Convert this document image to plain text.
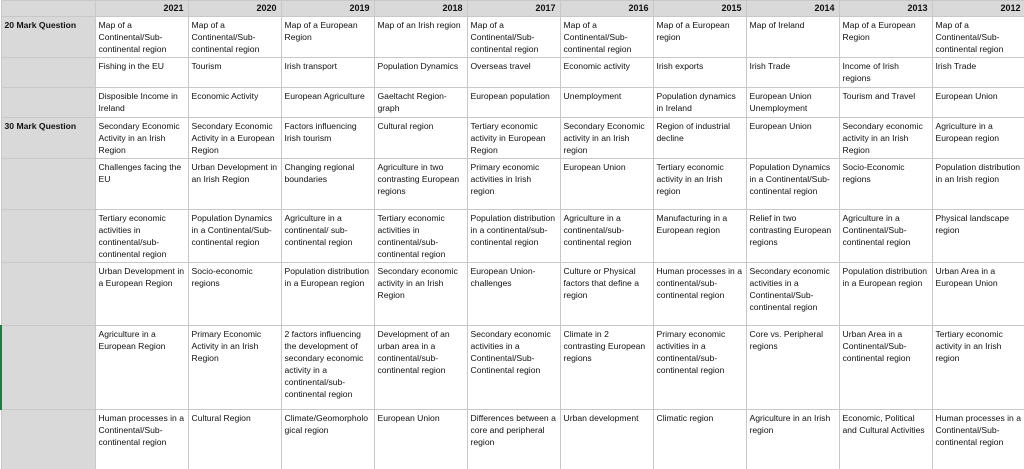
	2021	2020	2019	2018	2017	2016	2015	2014	2013	2012
20 Mark Question	Map of a Continental/Sub-continental region	Map of a Continental/Sub-continental region	Map of a European Region	Map of an Irish region	Map of a Continental/Sub-continental region	Map of a Continental/Sub-continental region	Map of a European region	Map of Ireland	Map of a European Region	Map of a Continental/Sub-continental region
	Fishing in the EU	Tourism	Irish transport	Population Dynamics	Overseas travel	Economic activity	Irish exports	Irish Trade	Income of Irish regions	Irish Trade
	Disposible Income in Ireland	Economic Activity	European Agriculture	Gaeltacht Region-graph	European population	Unemployment	Population dynamics in Ireland	European Union Unemployment	Tourism and Travel	European Union
30 Mark Question	Secondary Economic Activity in an Irish Region	Secondary Economic Activity in a European Region	Factors influencing Irish tourism	Cultural region	Tertiary economic activity in European Region	Secondary Economic activity in an Irish region	Region of industrial decline	European Union	Secondary economic activity in an Irish Region	Agriculture in a European region
	Challenges facing the EU	Urban Development in an Irish Region	Changing regional boundaries	Agriculture in two contrasting European regions	Primary economic activities in Irish region	European Union	Tertiary economic activity in an Irish region	Population Dynamics in a Continental/Sub-continental region	Socio-Economic regions	Population distribution in an Irish region
	Tertiary economic activities in continental/sub-continental region	Population Dynamics in a Continental/Sub-continental region	Agriculture in a continental/ sub-continental region	Tertiary economic activities in continental/sub-continental region	Population distribution in a continental/sub-continental region	Agriculture in a continental/sub-continental region	Manufacturing in a European region	Relief in two contrasting European regions	Agriculture in a Continental/Sub-continental region	Physical landscape region
	Urban Development in a European Region	Socio-economic regions	Population distribution in a European region	Secondary economic activity in an Irish Region	European Union-challenges	Culture or Physical factors that define a region	Human processes in a continental/sub-continental region	Secondary economic activities in a Continental/Sub-continental region	Population distribution in a European region	Urban Area in a European Union
	Agriculture in a European Region	Primary Economic Activity in an Irish Region	2 factors influencing the development of secondary economic activity in a continental/sub-continental region	Development of an urban area in a continental/sub-continental region	Secondary economic activities in a Continental/Sub-Continental region	Climate in 2 contrasting European regions	Primary economic activities in a continental/sub-continental region	Core vs. Peripheral regions	Urban Area in a Continental/Sub-continental region	Tertiary economic activity in an Irish region
	Human processes in a Continental/Sub-continental region	Cultural Region	Climate/Geomorphological region	European Union	Differences between a core and peripheral region	Urban development	Climatic region	Agriculture in an Irish region	Economic, Political and Cultural Activities	Human processes in a Continental/Sub-continental region
